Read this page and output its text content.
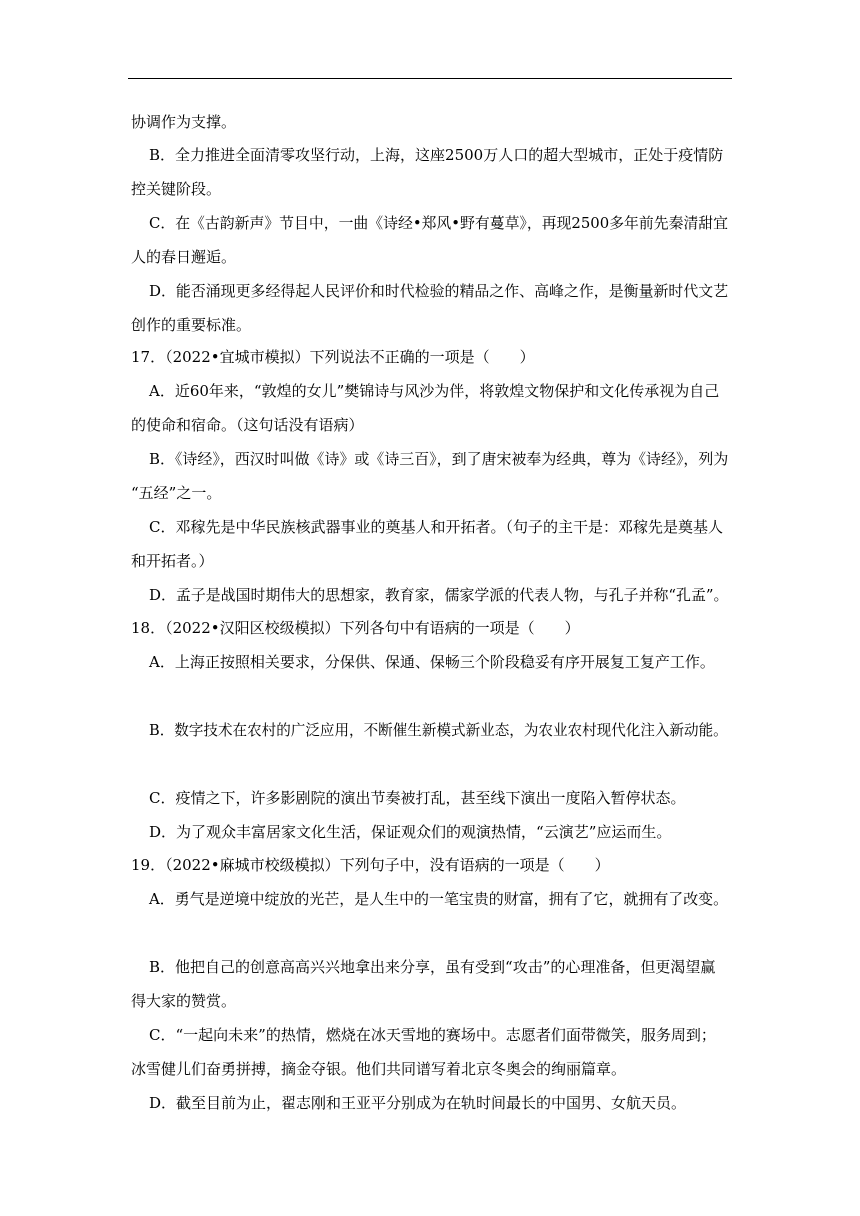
协调作为支撑。
B．全力推进全面清零攻坚行动，上海，这座2500万人口的超大型城市，正处于疫情防
控关键阶段。
C．在《古韵新声》节目中，一曲《诗经•郑风•野有蔓草》，再现2500多年前先秦清甜宜
人的春日邂逅。
D．能否涌现更多经得起人民评价和时代检验的精品之作、高峰之作，是衡量新时代文艺
创作的重要标准。
17．（2022•宜城市模拟）下列说法不正确的一项是（　　）
A．近60年来，“敦煌的女儿”樊锦诗与风沙为伴，将敦煌文物保护和文化传承视为自己
的使命和宿命。（这句话没有语病）
B．《诗经》，西汉时叫做《诗》或《诗三百》，到了唐宋被奉为经典，尊为《诗经》，列为
“五经”之一。
C．邓稼先是中华民族核武器事业的奠基人和开拓者。（句子的主干是：邓稼先是奠基人
和开拓者。）
D．孟子是战国时期伟大的思想家，教育家，儒家学派的代表人物，与孔子并称“孔孟”。
18．（2022•汉阳区校级模拟）下列各句中有语病的一项是（　　）
A．上海正按照相关要求，分保供、保通、保畅三个阶段稳妥有序开展复工复产工作。
B．数字技术在农村的广泛应用，不断催生新模式新业态，为农业农村现代化注入新动能。
C．疫情之下，许多影剧院的演出节奏被打乱，甚至线下演出一度陷入暂停状态。
D．为了观众丰富居家文化生活，保证观众们的观演热情，“云演艺”应运而生。
19．（2022•麻城市校级模拟）下列句子中，没有语病的一项是（　　）
A．勇气是逆境中绽放的光芒，是人生中的一笔宝贵的财富，拥有了它，就拥有了改变。
B．他把自己的创意高高兴兴地拿出来分享，虽有受到“攻击”的心理准备，但更渴望赢
得大家的赞赏。
C．“一起向未来”的热情，燃烧在冰天雪地的赛场中。志愿者们面带微笑，服务周到；
冰雪健儿们奋勇拼搏，摘金夺银。他们共同谱写着北京冬奥会的绚丽篇章。
D．截至目前为止，翟志刚和王亚平分别成为在轨时间最长的中国男、女航天员。
